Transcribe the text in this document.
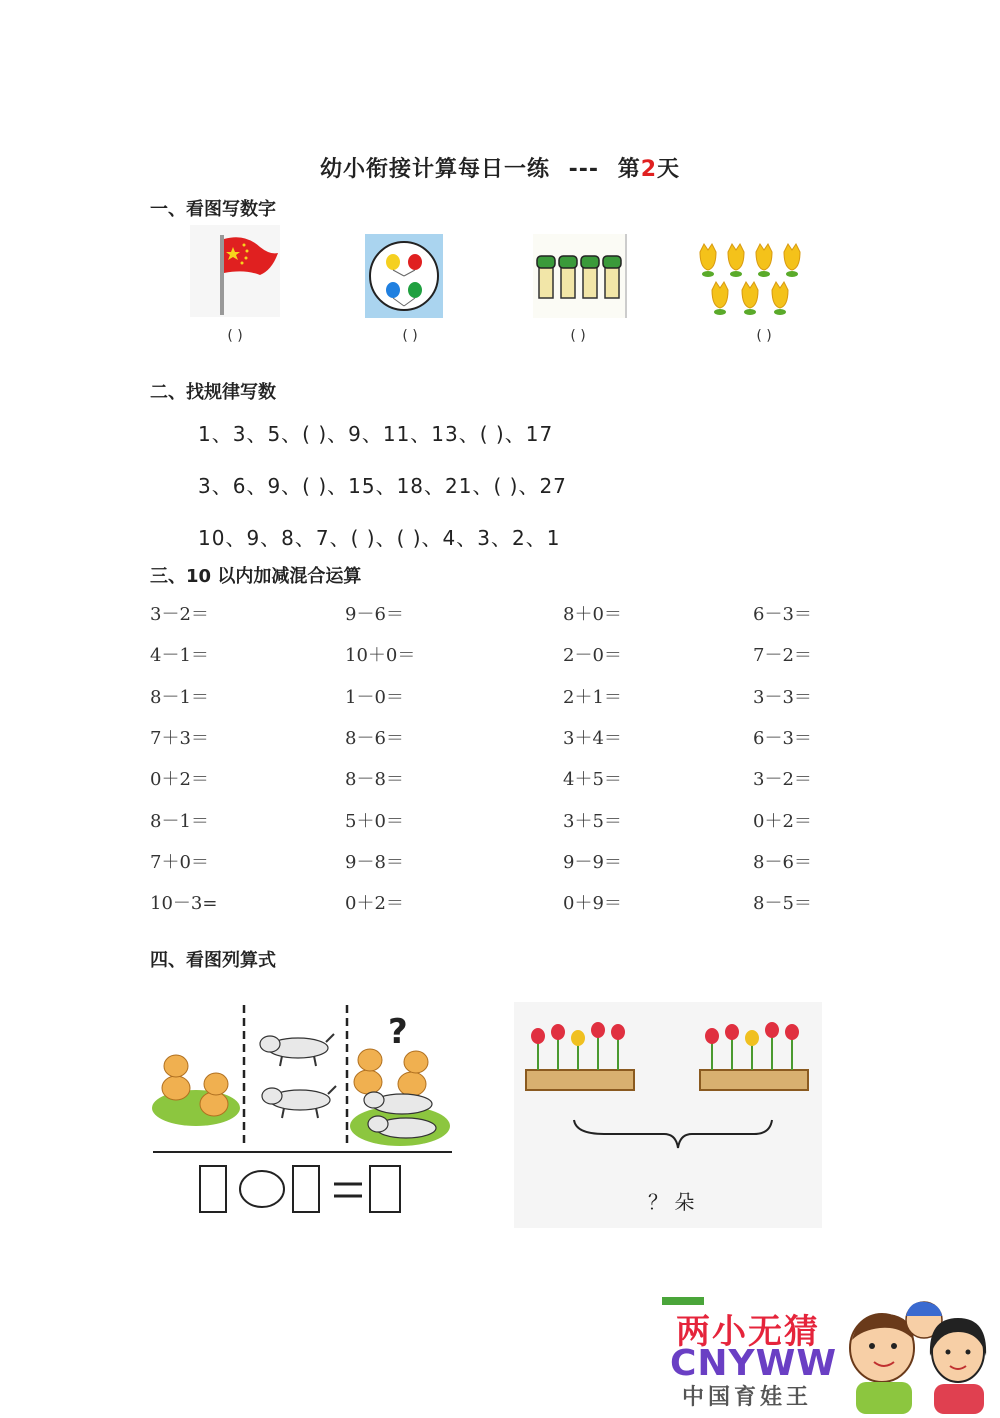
幼小衔接计算每日一练 --- 第2天
一、看图写数字
( )	( )	( )	( )
二、找规律写数
1、3、5、( )、9、11、13、( )、17
3、6、9、( )、15、18、21、( )、27
10、9、8、7、( )、( )、4、3、2、1
三、10 以内加减混合运算
3－2＝	9－6＝	8＋0＝	6－3＝
4－1＝	10＋0＝	2－0＝	7－2＝
8－1＝	1－0＝	2＋1＝	3－3＝
7＋3＝	8－6＝	3＋4＝	6－3＝
0＋2＝	8－8＝	4＋5＝	3－2＝
8－1＝	5＋0＝	3＋5＝	0＋2＝
7＋0＝	9－8＝	9－9＝	8－6＝
10－3=	0＋2＝	0＋9＝	8－5＝
四、看图列算式
?
？ 朵
两小无猜
CNYWW
中国育娃王
